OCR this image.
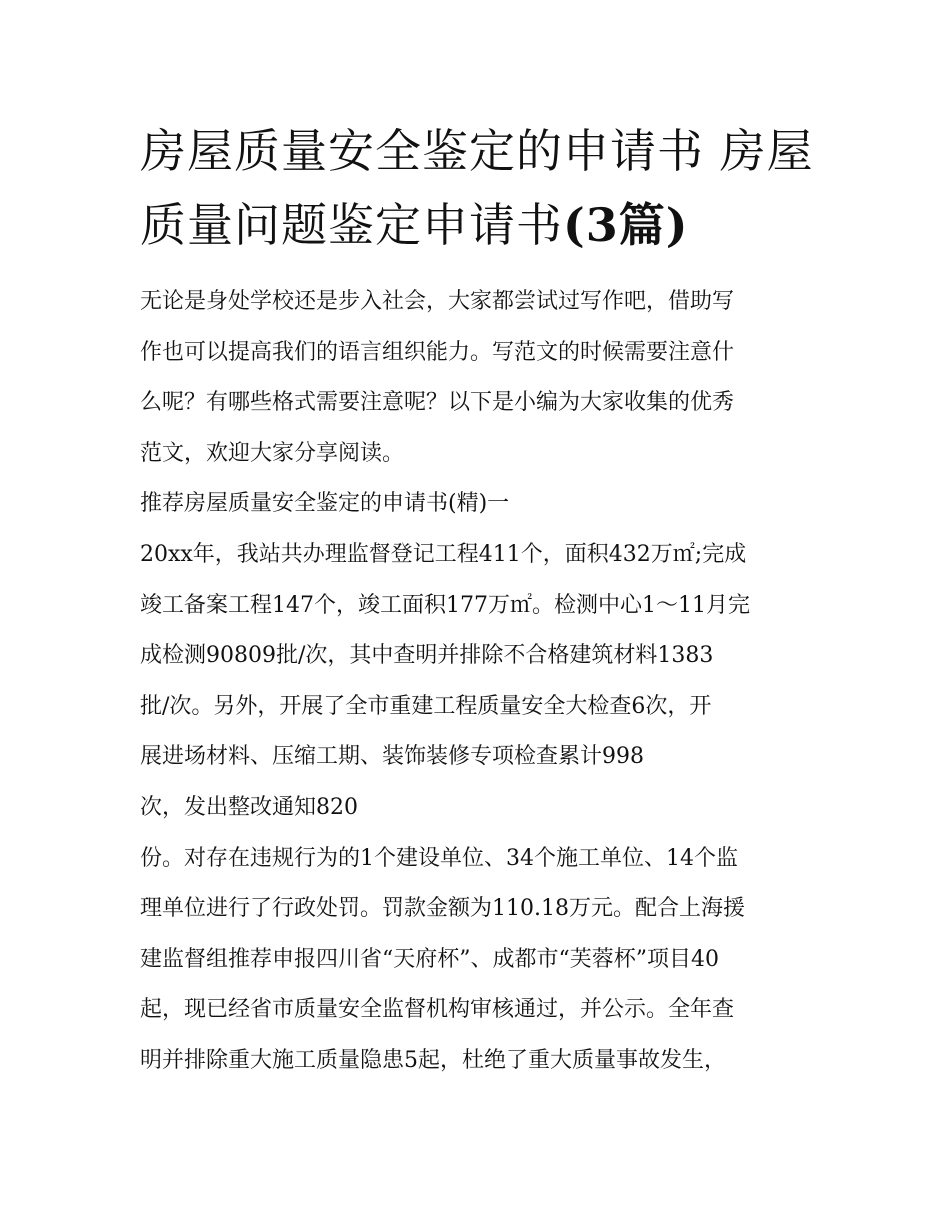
房屋质量安全鉴定的申请书 房屋质量问题鉴定申请书(3篇)
无论是身处学校还是步入社会，大家都尝试过写作吧，借助写
作也可以提高我们的语言组织能力。写范文的时候需要注意什
么呢？有哪些格式需要注意呢？以下是小编为大家收集的优秀
范文，欢迎大家分享阅读。
推荐房屋质量安全鉴定的申请书(精)一
20xx年，我站共办理监督登记工程411个，面积432万㎡;完成
竣工备案工程147个，竣工面积177万㎡。检测中心1～11月完
成检测90809批/次，其中查明并排除不合格建筑材料1383
批/次。另外，开展了全市重建工程质量安全大检查6次，开
展进场材料、压缩工期、装饰装修专项检查累计998
次，发出整改通知820
份。对存在违规行为的1个建设单位、34个施工单位、14个监
理单位进行了行政处罚。罚款金额为110.18万元。配合上海援
建监督组推荐申报四川省“天府杯”、成都市“芙蓉杯”项目40
起，现已经省市质量安全监督机构审核通过，并公示。全年查
明并排除重大施工质量隐患5起，杜绝了重大质量事故发生，
